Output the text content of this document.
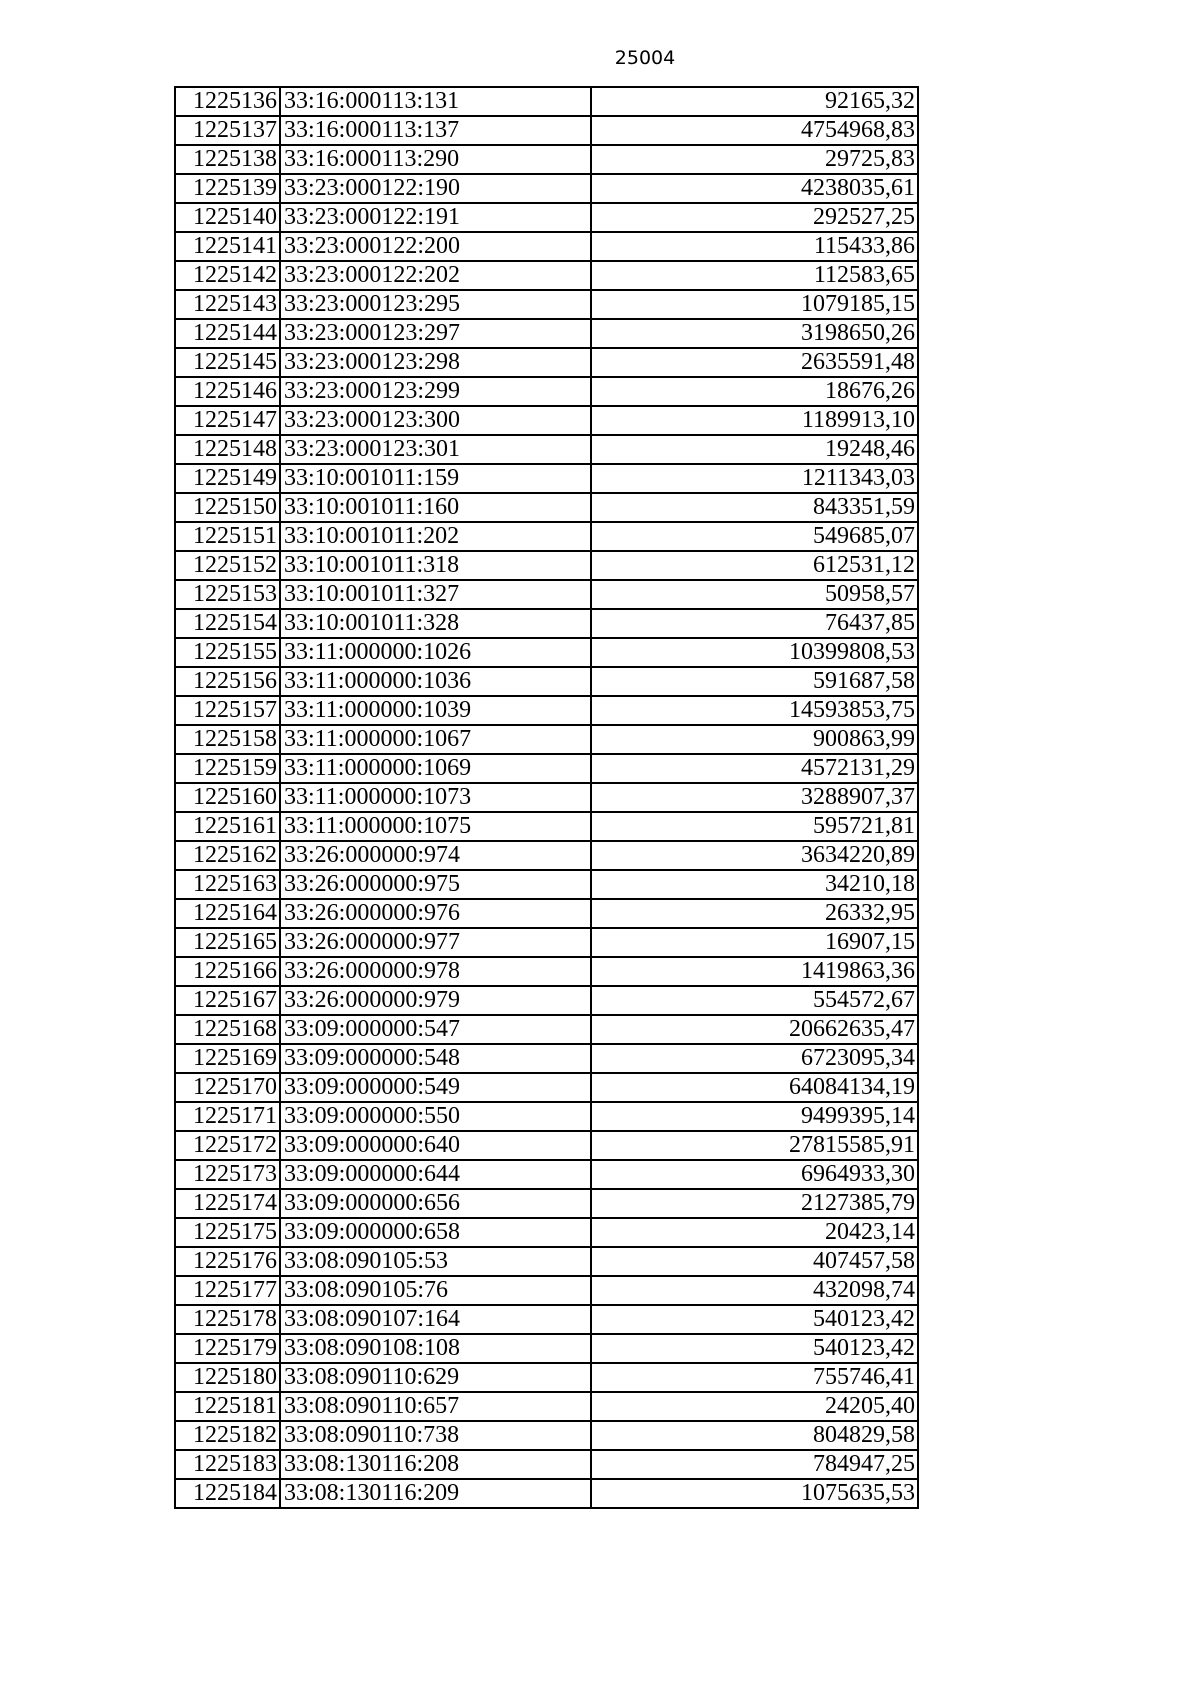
25004
1225136	33:16:000113:131	92165,32
1225137	33:16:000113:137	4754968,83
1225138	33:16:000113:290	29725,83
1225139	33:23:000122:190	4238035,61
1225140	33:23:000122:191	292527,25
1225141	33:23:000122:200	115433,86
1225142	33:23:000122:202	112583,65
1225143	33:23:000123:295	1079185,15
1225144	33:23:000123:297	3198650,26
1225145	33:23:000123:298	2635591,48
1225146	33:23:000123:299	18676,26
1225147	33:23:000123:300	1189913,10
1225148	33:23:000123:301	19248,46
1225149	33:10:001011:159	1211343,03
1225150	33:10:001011:160	843351,59
1225151	33:10:001011:202	549685,07
1225152	33:10:001011:318	612531,12
1225153	33:10:001011:327	50958,57
1225154	33:10:001011:328	76437,85
1225155	33:11:000000:1026	10399808,53
1225156	33:11:000000:1036	591687,58
1225157	33:11:000000:1039	14593853,75
1225158	33:11:000000:1067	900863,99
1225159	33:11:000000:1069	4572131,29
1225160	33:11:000000:1073	3288907,37
1225161	33:11:000000:1075	595721,81
1225162	33:26:000000:974	3634220,89
1225163	33:26:000000:975	34210,18
1225164	33:26:000000:976	26332,95
1225165	33:26:000000:977	16907,15
1225166	33:26:000000:978	1419863,36
1225167	33:26:000000:979	554572,67
1225168	33:09:000000:547	20662635,47
1225169	33:09:000000:548	6723095,34
1225170	33:09:000000:549	64084134,19
1225171	33:09:000000:550	9499395,14
1225172	33:09:000000:640	27815585,91
1225173	33:09:000000:644	6964933,30
1225174	33:09:000000:656	2127385,79
1225175	33:09:000000:658	20423,14
1225176	33:08:090105:53	407457,58
1225177	33:08:090105:76	432098,74
1225178	33:08:090107:164	540123,42
1225179	33:08:090108:108	540123,42
1225180	33:08:090110:629	755746,41
1225181	33:08:090110:657	24205,40
1225182	33:08:090110:738	804829,58
1225183	33:08:130116:208	784947,25
1225184	33:08:130116:209	1075635,53
